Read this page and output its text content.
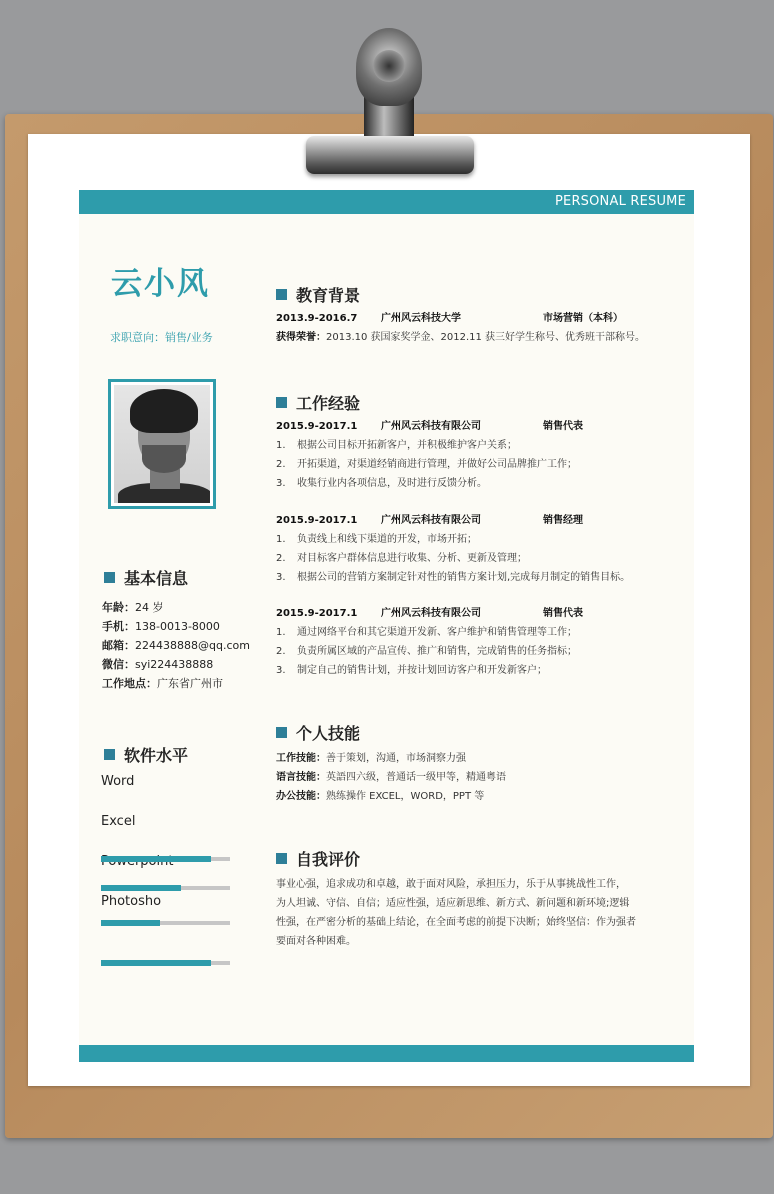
PERSONAL RESUME
云小风
求职意向：销售/业务
基本信息
年龄：24 岁
手机：138-0013-8000
邮箱：224438888@qq.com
微信：syi224438888
工作地点：广东省广州市
软件水平
Word
Excel
Photosho
教育背景
2013.9-2016.7 广州风云科技大学	市场营销（本科）
获得荣誉：2013.10 获国家奖学金、2012.11 获三好学生称号、优秀班干部称号。
工作经验
2015.9-2017.1 广州风云科技有限公司	销售代表
1. 根据公司目标开拓新客户，并积极维护客户关系；
2. 开拓渠道，对渠道经销商进行管理，并做好公司品牌推广工作；
3. 收集行业内各项信息，及时进行反馈分析。
2015.9-2017.1 广州风云科技有限公司	销售经理
1. 负责线上和线下渠道的开发，市场开拓；
2. 对目标客户群体信息进行收集、分析、更新及管理；
3. 根据公司的营销方案制定针对性的销售方案计划,完成每月制定的销售目标。
2015.9-2017.1 广州风云科技有限公司	销售代表
1. 通过网络平台和其它渠道开发新、客户维护和销售管理等工作；
2. 负责所属区域的产品宣传、推广和销售，完成销售的任务指标；
3. 制定自己的销售计划，并按计划回访客户和开发新客户；
个人技能
工作技能：善于策划，沟通，市场洞察力强
语言技能：英語四六级，普通话一级甲等，精通粤语
办公技能：熟练操作 EXCEL，WORD，PPT 等
自我评价
事业心强，追求成功和卓越，敢于面对风险，承担压力，乐于从事挑战性工作，
为人坦诚、守信、自信；适应性强，适应新思维、新方式、新问题和新环境;逻辑
性强，在严密分析的基础上结论，在全面考虑的前提下决断；始终坚信：作为强者
要面对各种困难。
